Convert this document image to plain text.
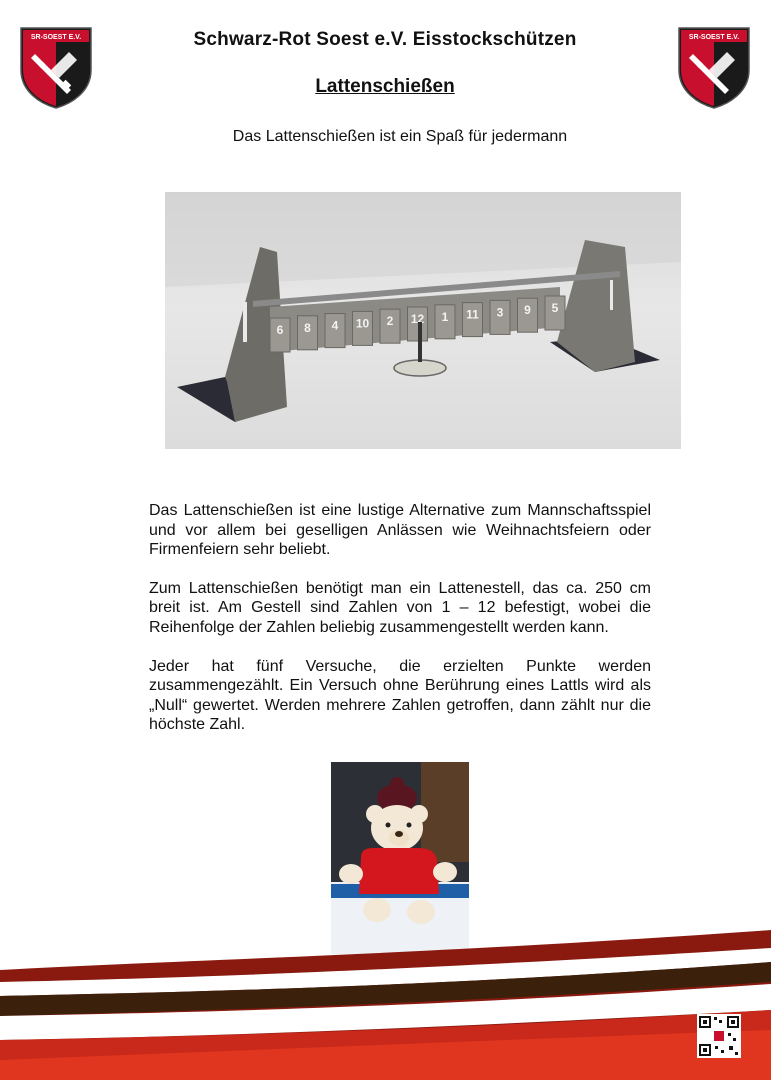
SR-SOEST E.V.	Schwarz-Rot Soest e.V. Eisstockschützen
Lattenschießen
SR-SOEST E.V.
Das Lattenschießen ist ein Spaß für jedermann
6 8 4 10 2 12 1 11 3 9 5

Das Lattenschießen ist eine lustige Alternative zum Mannschaftsspiel und vor allem bei geselligen Anlässen wie Weihnachtsfeiern oder Firmenfeiern sehr beliebt.

Zum Lattenschießen benötigt man ein Lattenestell, das ca. 250 cm breit ist. Am Gestell sind Zahlen von 1 – 12 befestigt, wobei die Reihenfolge der Zahlen beliebig zusammengestellt werden kann.

Jeder hat fünf Versuche, die erzielten Punkte werden zusammengezählt. Ein Versuch ohne Berührung eines Lattls wird als „Null“ gewertet. Werden mehrere Zahlen getroffen, dann zählt nur die höchste Zahl.
